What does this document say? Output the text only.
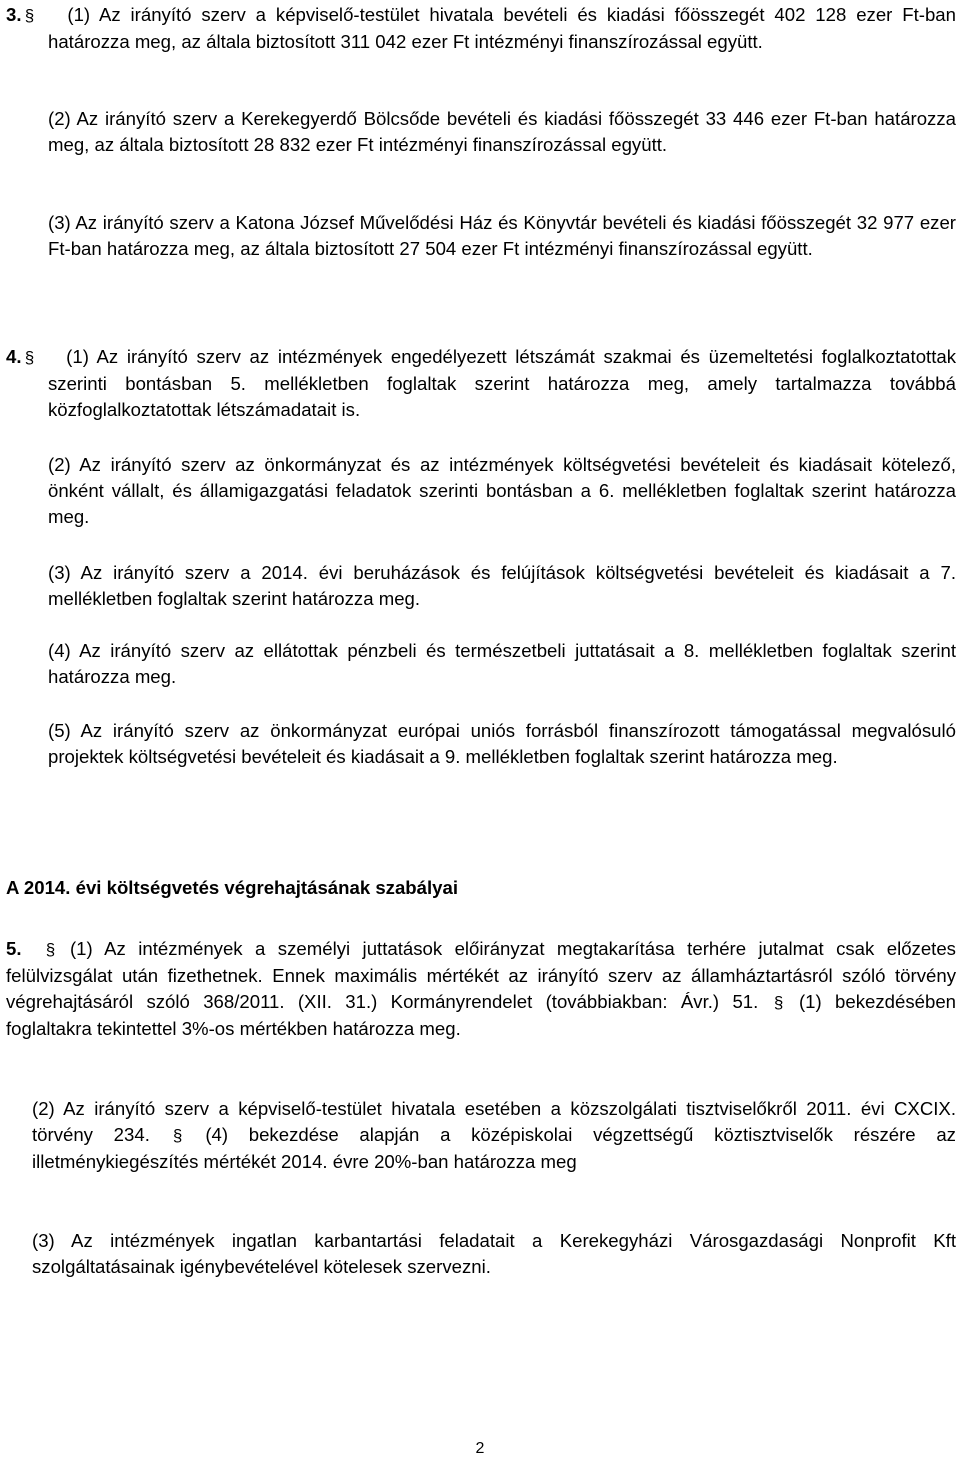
3. § (1) Az irányító szerv a képviselő-testület hivatala bevételi és kiadási főösszegét 402 128 ezer Ft-ban határozza meg, az általa biztosított 311 042 ezer Ft intézményi finanszírozással együtt.

(2) Az irányító szerv a Kerekegyerdő Bölcsőde bevételi és kiadási főösszegét 33 446 ezer Ft-ban határozza meg, az általa biztosított 28 832 ezer Ft intézményi finanszírozással együtt.

(3) Az irányító szerv a Katona József Művelődési Ház és Könyvtár bevételi és kiadási főösszegét 32 977 ezer Ft-ban határozza meg, az általa biztosított 27 504 ezer Ft intézményi finanszírozással együtt.

4. § (1) Az irányító szerv az intézmények engedélyezett létszámát szakmai és üzemeltetési foglalkoztatottak szerinti bontásban 5. mellékletben foglaltak szerint határozza meg, amely tartalmazza továbbá közfoglalkoztatottak létszámadatait is.

(2) Az irányító szerv az önkormányzat és az intézmények költségvetési bevételeit és kiadásait kötelező, önként vállalt, és államigazgatási feladatok szerinti bontásban a 6. mellékletben foglaltak szerint határozza meg.

(3) Az irányító szerv a 2014. évi beruházások és felújítások költségvetési bevételeit és kiadásait a 7. mellékletben foglaltak szerint határozza meg.

(4) Az irányító szerv az ellátottak pénzbeli és természetbeli juttatásait a 8. mellékletben foglaltak szerint határozza meg.

(5) Az irányító szerv az önkormányzat európai uniós forrásból finanszírozott támogatással megvalósuló projektek költségvetési bevételeit és kiadásait a 9. mellékletben foglaltak szerint határozza meg.

A 2014. évi költségvetés végrehajtásának szabályai

5. § (1) Az intézmények a személyi juttatások előirányzat megtakarítása terhére jutalmat csak előzetes felülvizsgálat után fizethetnek. Ennek maximális mértékét az irányító szerv az államháztartásról szóló törvény végrehajtásáról szóló 368/2011. (XII. 31.) Kormányrendelet (továbbiakban: Ávr.) 51. § (1) bekezdésében foglaltakra tekintettel 3%-os mértékben határozza meg.

(2) Az irányító szerv a képviselő-testület hivatala esetében a közszolgálati tisztviselőkről 2011. évi CXCIX. törvény 234. § (4) bekezdése alapján a középiskolai végzettségű köztisztviselők részére az illetménykiegészítés mértékét 2014. évre 20%-ban határozza meg

(3) Az intézmények ingatlan karbantartási feladatait a Kerekegyházi Városgazdasági Nonprofit Kft szolgáltatásainak igénybevételével kötelesek szervezni.

2
